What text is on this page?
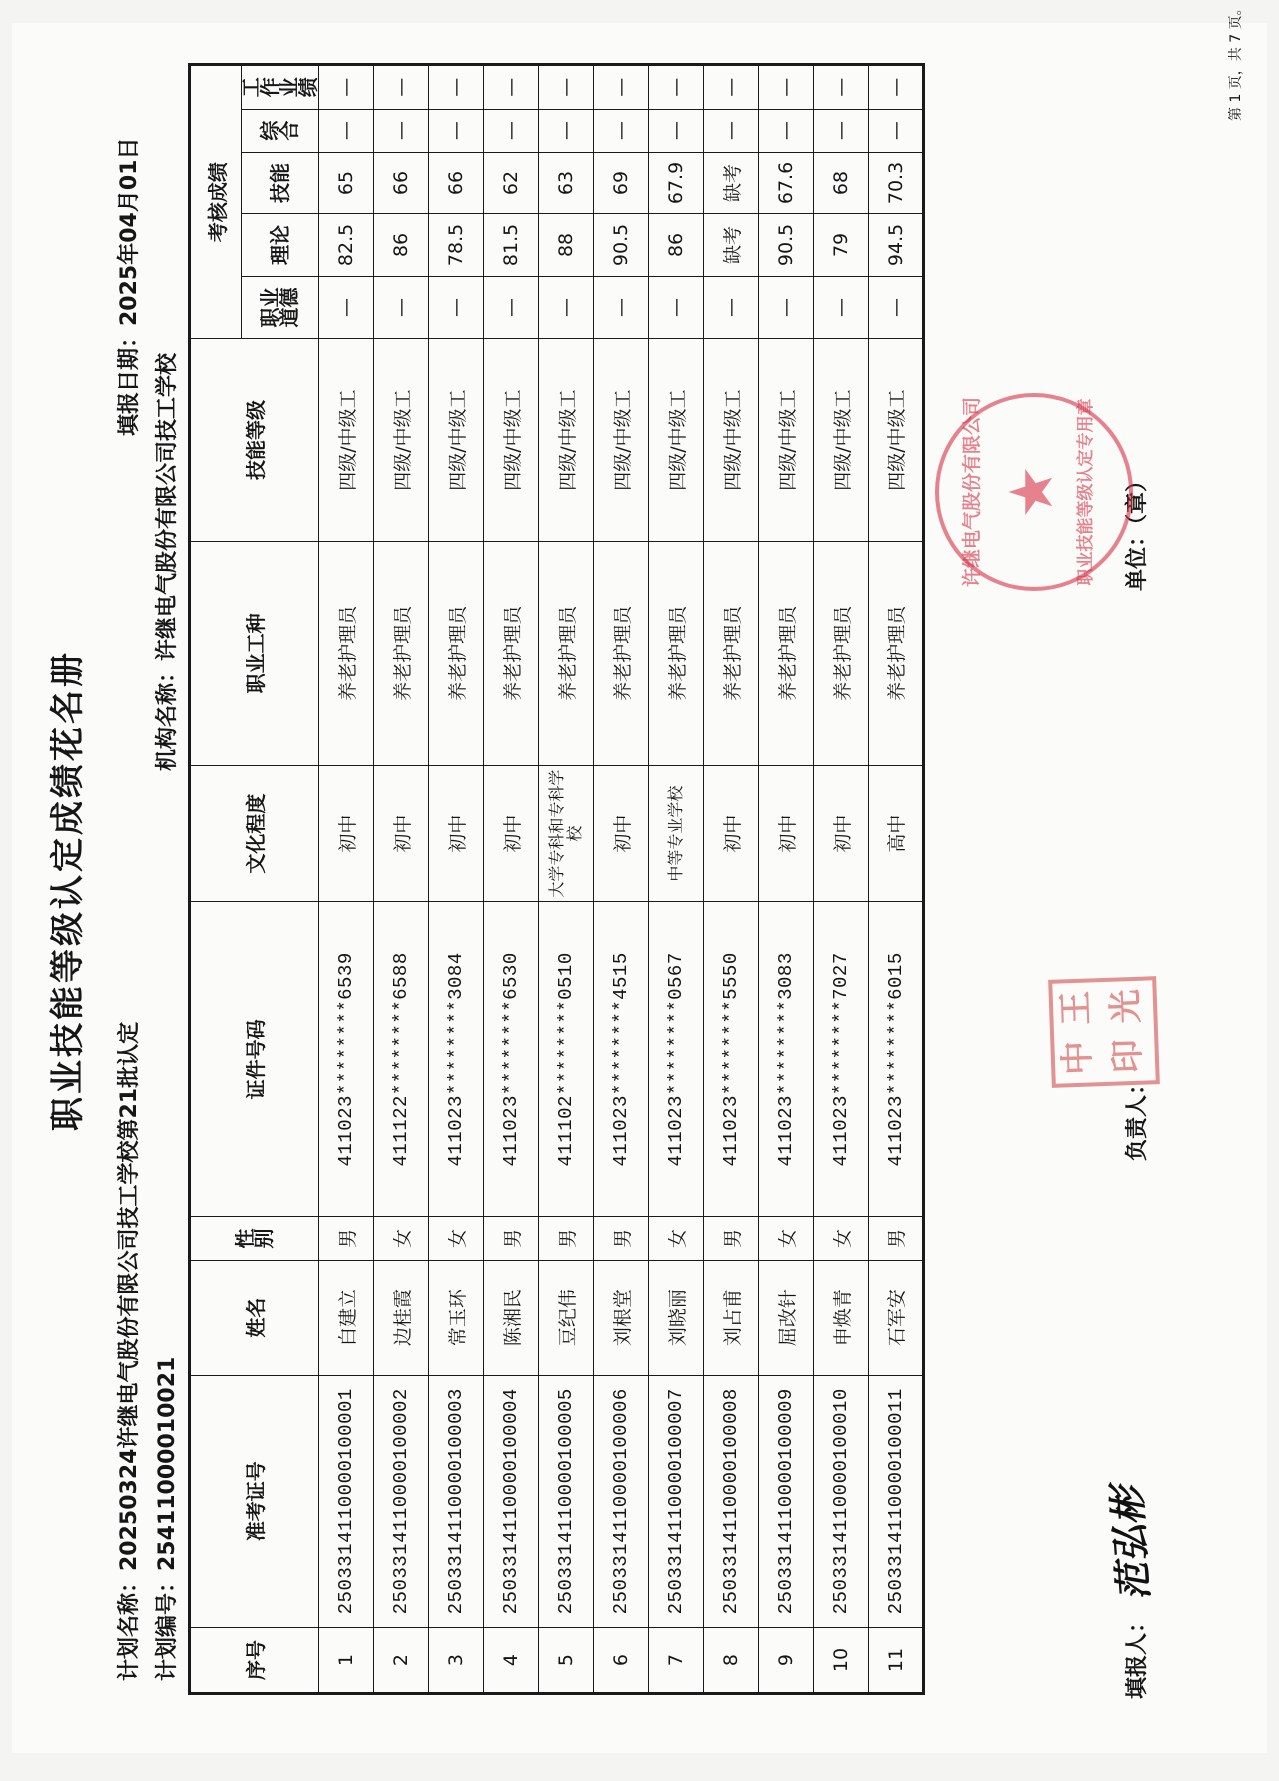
职业技能等级认定成绩花名册
计划名称：2025032​4许继电气股份有限公司技工学校第21批认定
填报日期：2025年04月01日
计划编号：25411000010021
机构名称：许继电气股份有限公司技工学校
序号	准考证号	姓名	性别	证件号码	文化程度	职业工种	技能等级	考核成绩				
								职业道德	理论	技能	综合	工作业绩
1	2503314110000100001	白建立	男	411023********6539	初中	养老护理员	四级/中级工	—	82.5	65	—	—
2	2503314110000100002	边桂霞	女	411122********6588	初中	养老护理员	四级/中级工	—	86	66	—	—
3	2503314110000100003	常玉环	女	411023********3084	初中	养老护理员	四级/中级工	—	78.5	66	—	—
4	2503314110000100004	陈湘民	男	411023********6530	初中	养老护理员	四级/中级工	—	81.5	62	—	—
5	2503314110000100005	豆纪伟	男	411102********0510	大学专科和专科学校	养老护理员	四级/中级工	—	88	63	—	—
6	2503314110000100006	刘根堂	男	411023********4515	初中	养老护理员	四级/中级工	—	90.5	69	—	—
7	2503314110000100007	刘晓丽	女	411023********0567	中等专业学校	养老护理员	四级/中级工	—	86	67.9	—	—
8	2503314110000100008	刘占甫	男	411023********5550	初中	养老护理员	四级/中级工	—	缺考	缺考	—	—
9	2503314110000100009	屈改针	女	411023********3083	初中	养老护理员	四级/中级工	—	90.5	67.6	—	—
10	2503314110000100010	申焕青	女	411023********7027	初中	养老护理员	四级/中级工	—	79	68	—	—
11	2503314110000100011	石军安	男	411023********6015	高中	养老护理员	四级/中级工	—	94.5	70.3	—	—
填报人：
范弘彬
负责人：
单位：（章）
中
王
印
光
许继电气股份有限公司 ★ 职业技能等级认定专用章
第 1 页，共 7 页。
